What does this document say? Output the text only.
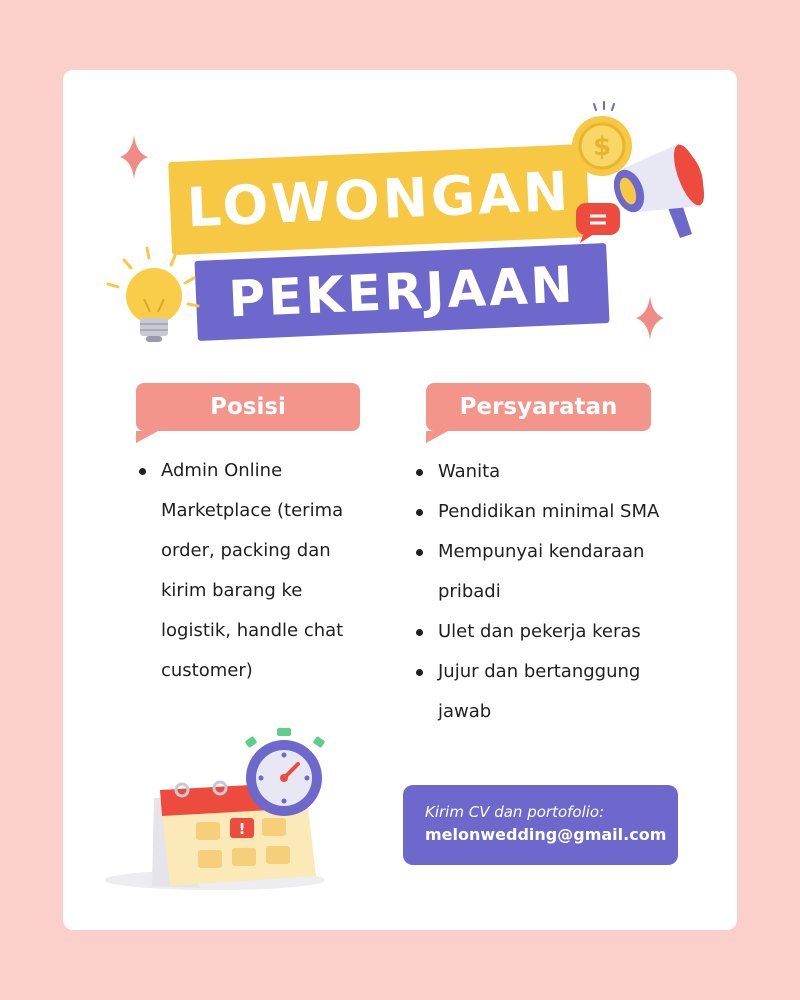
LOWONGAN
PEKERJAAN
$
Posisi	Persyaratan
Admin Online Marketplace (terima order, packing dan kirim barang ke logistik, handle chat customer)
Wanita
Pendidikan minimal SMA
Mempunyai kendaraan pribadi
Ulet dan pekerja keras
Jujur dan bertanggung jawab
!
Kirim CV dan portofolio:
melonwedding@gmail.com
